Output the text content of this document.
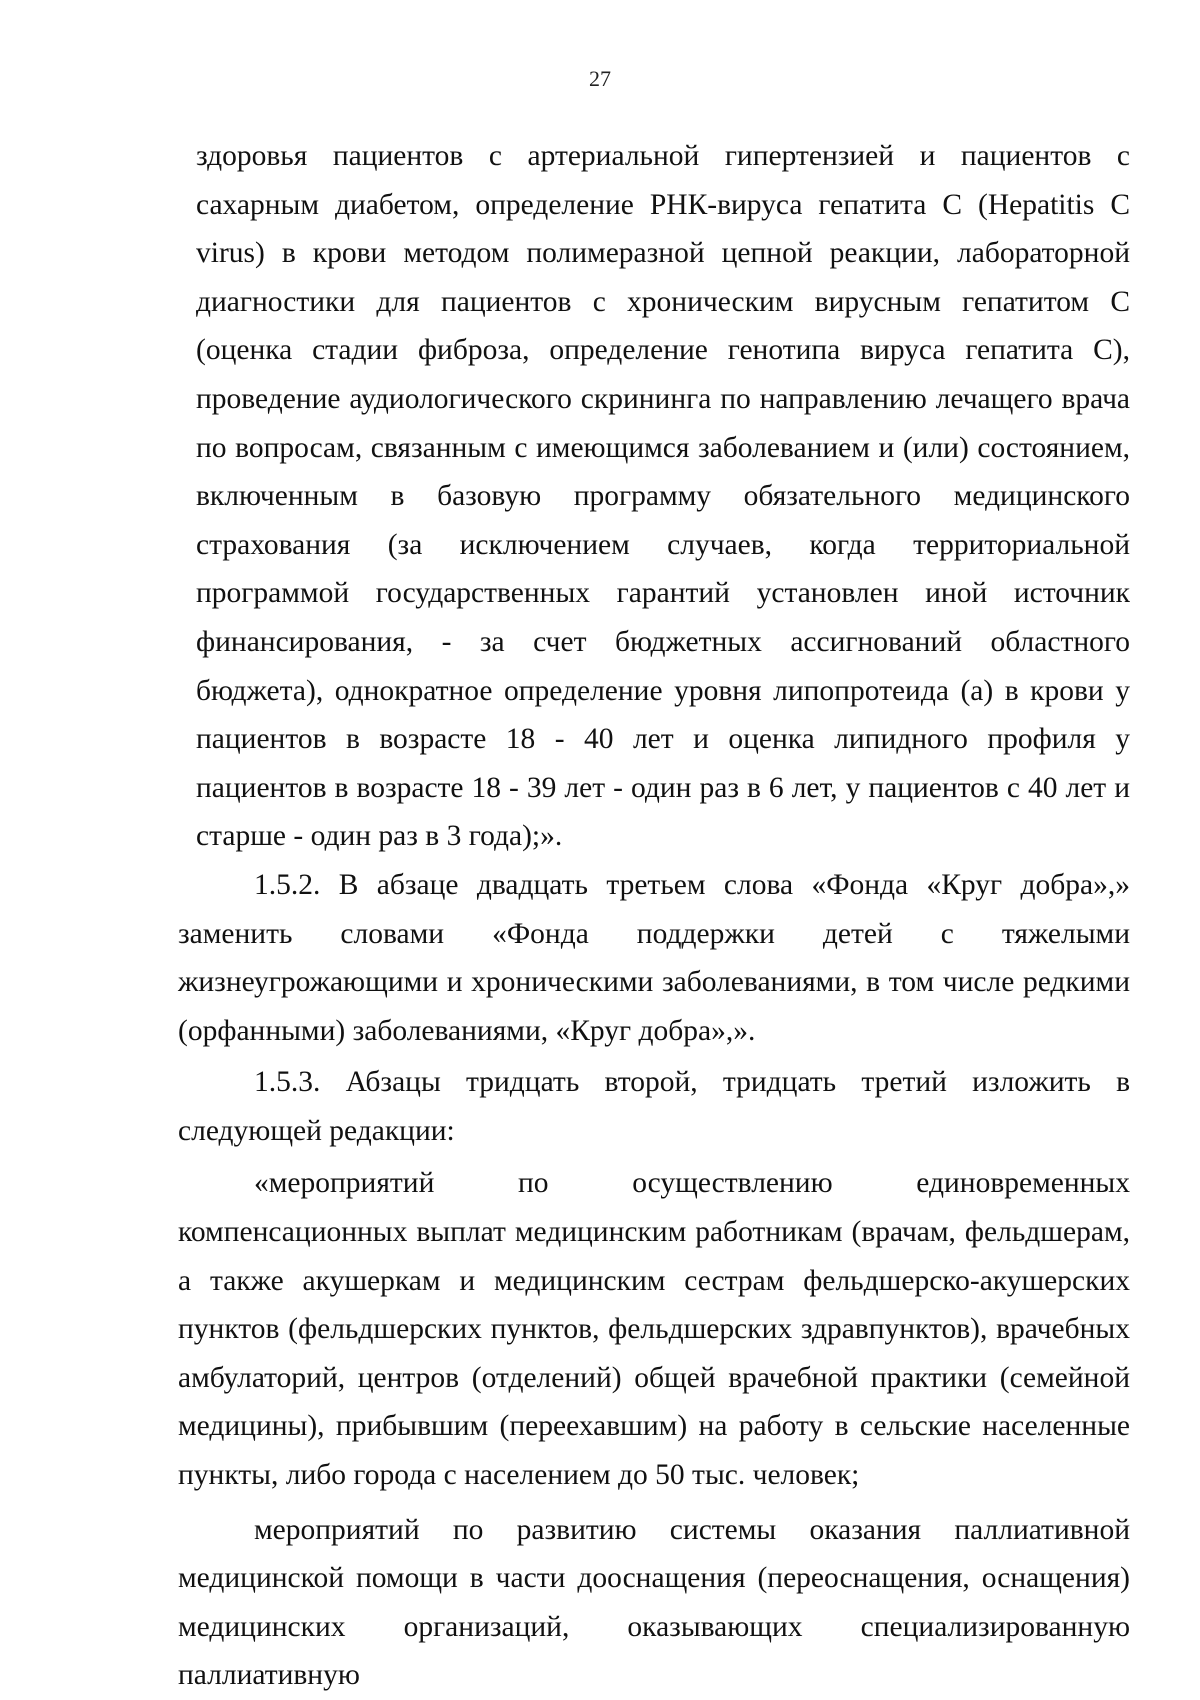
27

здоровья пациентов с артериальной гипертензией и пациентов с сахарным диабетом, определение РНК-вируса гепатита С (Hepatitis С virus) в крови методом полимеразной цепной реакции, лабораторной диагностики для пациентов с хроническим вирусным гепатитом С (оценка стадии фиброза, определение генотипа вируса гепатита С), проведение аудиологического скрининга по направлению лечащего врача по вопросам, связанным с имеющимся заболеванием и (или) состоянием, включенным в базовую программу обязательного медицинского страхования (за исключением случаев, когда территориальной программой государственных гарантий установлен иной источник финансирования, - за счет бюджетных ассигнований областного бюджета), однократное определение уровня липопротеида (а) в крови у пациентов в возрасте 18 - 40 лет и оценка липидного профиля у пациентов в возрасте 18 - 39 лет - один раз в 6 лет, у пациентов с 40 лет и старше - один раз в 3 года);».

1.5.2. В абзаце двадцать третьем слова «Фонда «Круг добра»,» заменить словами «Фонда поддержки детей с тяжелыми жизнеугрожающими и хроническими заболеваниями, в том числе редкими (орфанными) заболеваниями, «Круг добра»,».

1.5.3. Абзацы тридцать второй, тридцать третий изложить в следующей редакции:

«мероприятий по осуществлению единовременных компенсационных выплат медицинским работникам (врачам, фельдшерам, а также акушеркам и медицинским сестрам фельдшерско-акушерских пунктов (фельдшерских пунктов, фельдшерских здравпунктов), врачебных амбулаторий, центров (отделений) общей врачебной практики (семейной медицины), прибывшим (переехавшим) на работу в сельские населенные пункты, либо города с населением до 50 тыс. человек;

мероприятий по развитию системы оказания паллиативной медицинской помощи в части дооснащения (переоснащения, оснащения) медицинских организаций, оказывающих специализированную паллиативную
